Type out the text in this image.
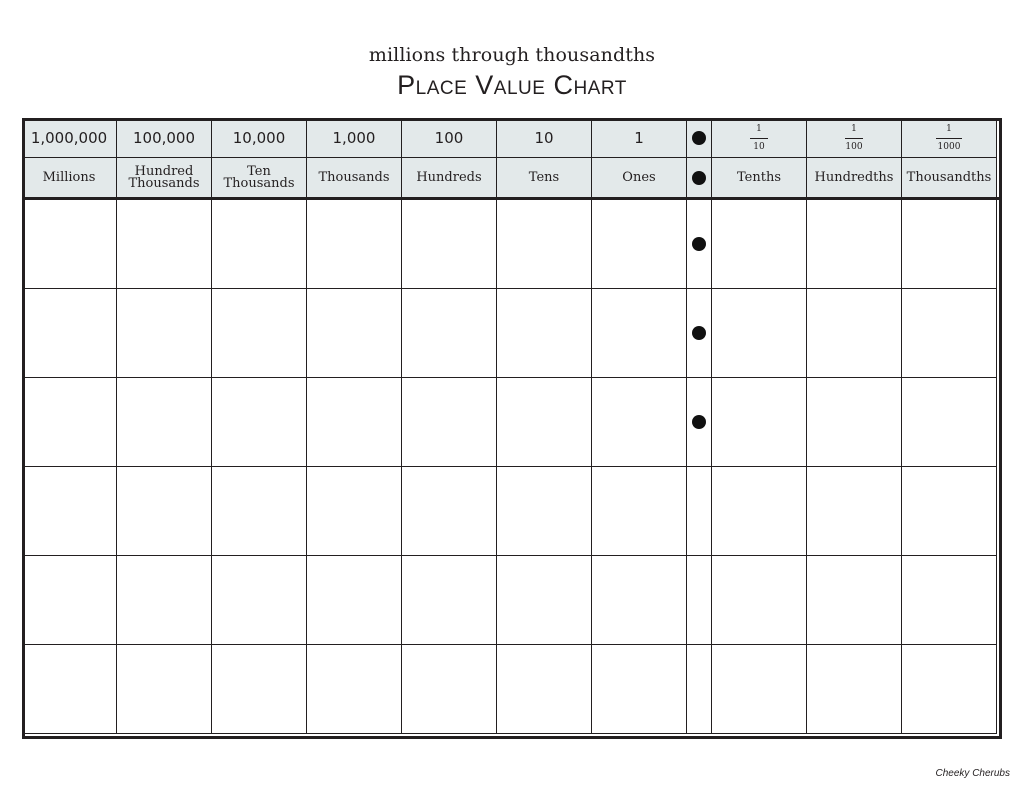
millions through thousandths
Place Value Chart
1,000,000
Millions
100,000
Hundred Thousands
10,000
Ten Thousands
1,000
Thousands
100
Hundreds
10
Tens
1
Ones
$\frac{1}{10}$
Tenths
$\frac{1}{100}$
Hundredths
$\frac{1}{1000}$
Thousandths
Cheeky Cherubs
